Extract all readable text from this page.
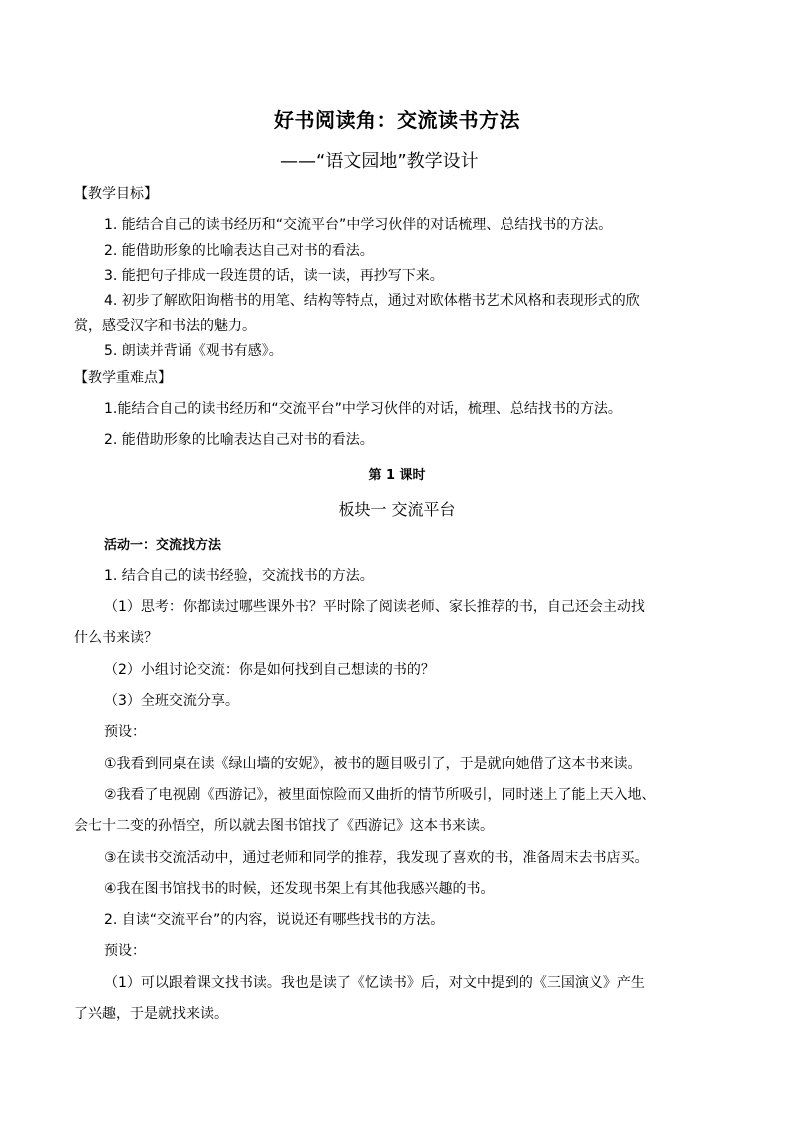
好书阅读角：交流读书方法
——“语文园地”教学设计
【教学目标】
1. 能结合自己的读书经历和“交流平台”中学习伙伴的对话梳理、总结找书的方法。
2. 能借助形象的比喻表达自己对书的看法。
3. 能把句子排成一段连贯的话，读一读，再抄写下来。
4. 初步了解欧阳询楷书的用笔、结构等特点，通过对欧体楷书艺术风格和表现形式的欣
赏，感受汉字和书法的魅力。
5. 朗读并背诵《观书有感》。
【教学重难点】
1.能结合自己的读书经历和“交流平台”中学习伙伴的对话，梳理、总结找书的方法。
2. 能借助形象的比喻表达自己对书的看法。
第 1 课时
板块一 交流平台
活动一：交流找方法
1. 结合自己的读书经验，交流找书的方法。
（1）思考：你都读过哪些课外书？平时除了阅读老师、家长推荐的书，自己还会主动找
什么书来读？
（2）小组讨论交流：你是如何找到自己想读的书的？
（3）全班交流分享。
预设：
①我看到同桌在读《绿山墙的安妮》，被书的题目吸引了，于是就向她借了这本书来读。
②我看了电视剧《西游记》，被里面惊险而又曲折的情节所吸引，同时迷上了能上天入地、
会七十二变的孙悟空，所以就去图书馆找了《西游记》这本书来读。
③在读书交流活动中，通过老师和同学的推荐，我发现了喜欢的书，准备周末去书店买。
④我在图书馆找书的时候，还发现书架上有其他我感兴趣的书。
2. 自读“交流平台”的内容，说说还有哪些找书的方法。
预设：
（1）可以跟着课文找书读。我也是读了《忆读书》后，对文中提到的《三国演义》产生
了兴趣，于是就找来读。
